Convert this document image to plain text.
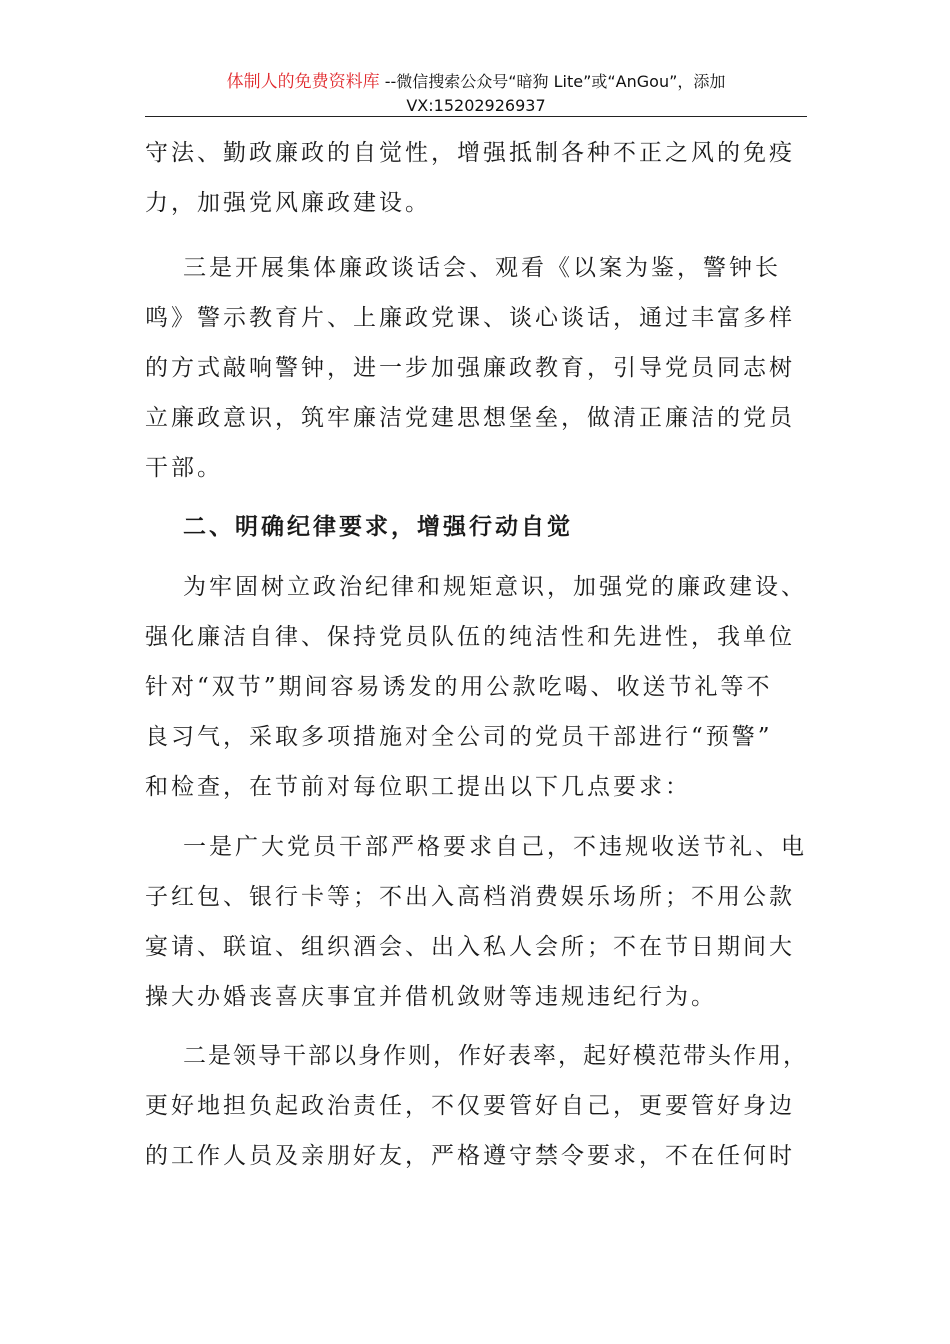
体制人的免费资料库 --微信搜索公众号“暗狗 Lite”或“AnGou”，添加
VX:15202926937
守法、勤政廉政的自觉性，增强抵制各种不正之风的免疫
力，加强党风廉政建设。
三是开展集体廉政谈话会、观看《以案为鉴，警钟长
鸣》警示教育片、上廉政党课、谈心谈话，通过丰富多样
的方式敲响警钟，进一步加强廉政教育，引导党员同志树
立廉政意识，筑牢廉洁党建思想堡垒，做清正廉洁的党员
干部。
二、明确纪律要求，增强行动自觉
为牢固树立政治纪律和规矩意识，加强党的廉政建设、
强化廉洁自律、保持党员队伍的纯洁性和先进性，我单位
针对“双节”期间容易诱发的用公款吃喝、收送节礼等不
良习气，采取多项措施对全公司的党员干部进行“预警”
和检查，在节前对每位职工提出以下几点要求：
一是广大党员干部严格要求自己，不违规收送节礼、电
子红包、银行卡等；不出入高档消费娱乐场所；不用公款
宴请、联谊、组织酒会、出入私人会所；不在节日期间大
操大办婚丧喜庆事宜并借机敛财等违规违纪行为。
二是领导干部以身作则，作好表率，起好模范带头作用，
更好地担负起政治责任，不仅要管好自己，更要管好身边
的工作人员及亲朋好友，严格遵守禁令要求，不在任何时
